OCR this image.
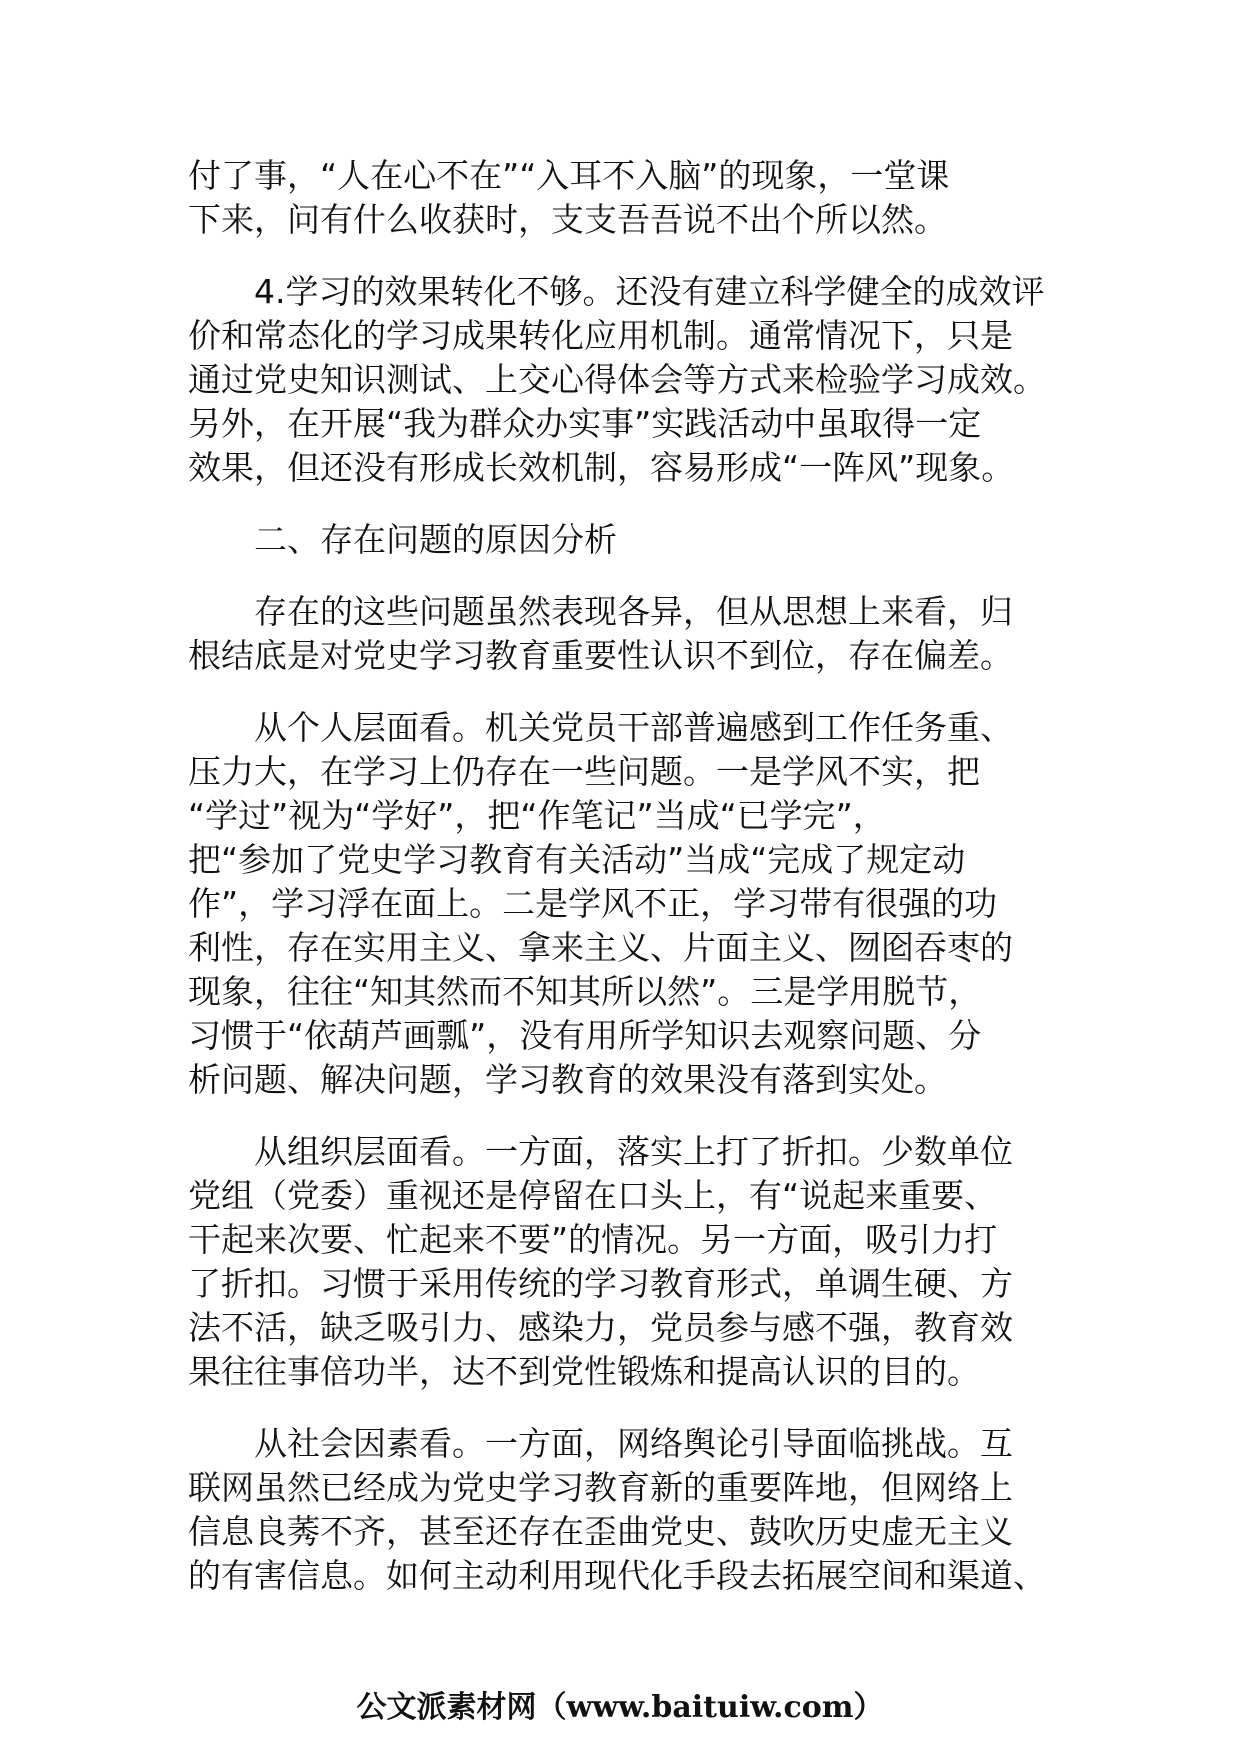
付了事，“人在心不在”“入耳不入脑”的现象，一堂课
下来，问有什么收获时，支支吾吾说不出个所以然。
4.学习的效果转化不够。还没有建立科学健全的成效评
价和常态化的学习成果转化应用机制。通常情况下，只是
通过党史知识测试、上交心得体会等方式来检验学习成效。
另外，在开展“我为群众办实事”实践活动中虽取得一定
效果，但还没有形成长效机制，容易形成“一阵风”现象。
二、存在问题的原因分析
存在的这些问题虽然表现各异，但从思想上来看，归
根结底是对党史学习教育重要性认识不到位，存在偏差。
从个人层面看。机关党员干部普遍感到工作任务重、
压力大，在学习上仍存在一些问题。一是学风不实，把
“学过”视为“学好”，把“作笔记”当成“已学完”，
把“参加了党史学习教育有关活动”当成“完成了规定动
作”，学习浮在面上。二是学风不正，学习带有很强的功
利性，存在实用主义、拿来主义、片面主义、囫囵吞枣的
现象，往往“知其然而不知其所以然”。三是学用脱节，
习惯于“依葫芦画瓢”，没有用所学知识去观察问题、分
析问题、解决问题，学习教育的效果没有落到实处。
从组织层面看。一方面，落实上打了折扣。少数单位
党组（党委）重视还是停留在口头上，有“说起来重要、
干起来次要、忙起来不要”的情况。另一方面，吸引力打
了折扣。习惯于采用传统的学习教育形式，单调生硬、方
法不活，缺乏吸引力、感染力，党员参与感不强，教育效
果往往事倍功半，达不到党性锻炼和提高认识的目的。
从社会因素看。一方面，网络舆论引导面临挑战。互
联网虽然已经成为党史学习教育新的重要阵地，但网络上
信息良莠不齐，甚至还存在歪曲党史、鼓吹历史虚无主义
的有害信息。如何主动利用现代化手段去拓展空间和渠道、
公文派素材网（www.baituiw.com）
